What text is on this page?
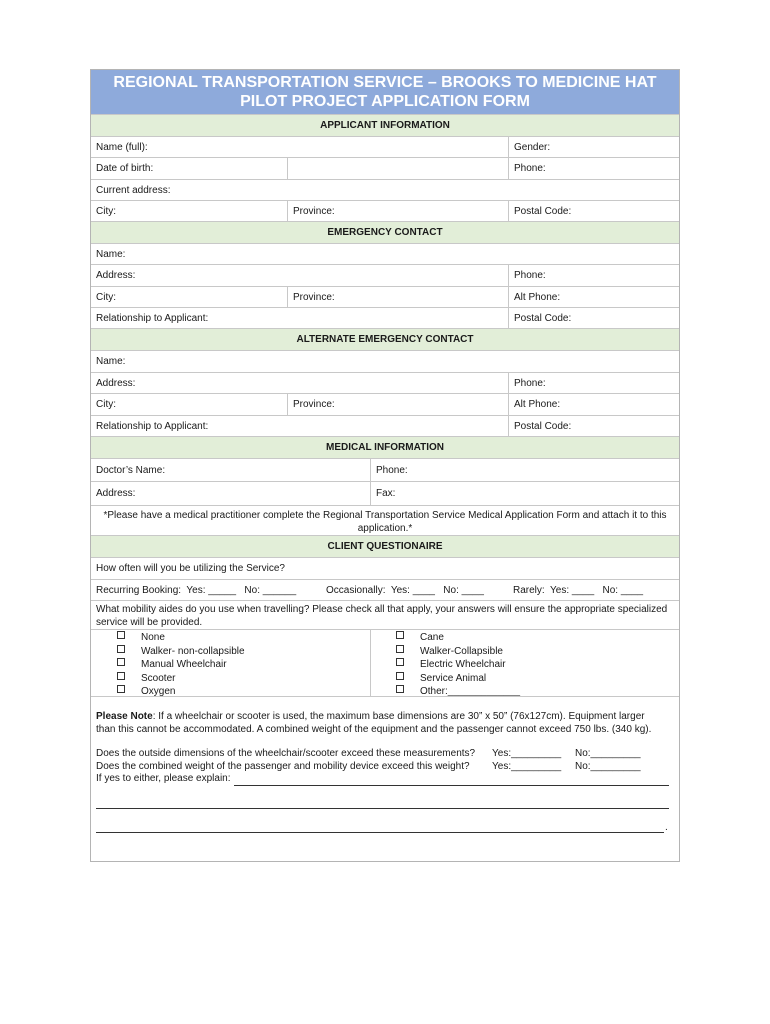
REGIONAL TRANSPORTATION SERVICE – BROOKS TO MEDICINE HAT
PILOT PROJECT APPLICATION FORM
APPLICANT INFORMATION
Name (full):	Gender:
Date of birth:	Phone:
Current address:
City:	Province:	Postal Code:
EMERGENCY CONTACT
Name:
Address:	Phone:
City:	Province:	Alt Phone:
Relationship to Applicant:	Postal Code:
ALTERNATE EMERGENCY CONTACT
Name:
Address:	Phone:
City:	Province:	Alt Phone:
Relationship to Applicant:	Postal Code:
MEDICAL INFORMATION
Doctor’s Name:	Phone:
Address:	Fax:
*Please have a medical practitioner complete the Regional Transportation Service Medical Application Form and attach it to this
application.*
CLIENT QUESTIONAIRE
How often will you be utilizing the Service?
Recurring Booking:  Yes: _____   No: ______	Occasionally:  Yes: ____   No: ____	Rarely:  Yes: ____   No: ____
What mobility aides do you use when travelling? Please check all that apply, your answers will ensure the appropriate specialized
service will be provided.
None
Walker- non-collapsible
Manual Wheelchair
Scooter
Oxygen
Cane
Walker-Collapsible
Electric Wheelchair
Service Animal
Other:_____________
Please Note: If a wheelchair or scooter is used, the maximum base dimensions are 30” x 50” (76x127cm). Equipment larger
than this cannot be accommodated. A combined weight of the equipment and the passenger cannot exceed 750 lbs. (340 kg).
Does the outside dimensions of the wheelchair/scooter exceed these measurements? Yes:_________ No:_________
Does the combined weight of the passenger and mobility device exceed this weight? Yes:_________ No:_________
If yes to either, please explain:
.
